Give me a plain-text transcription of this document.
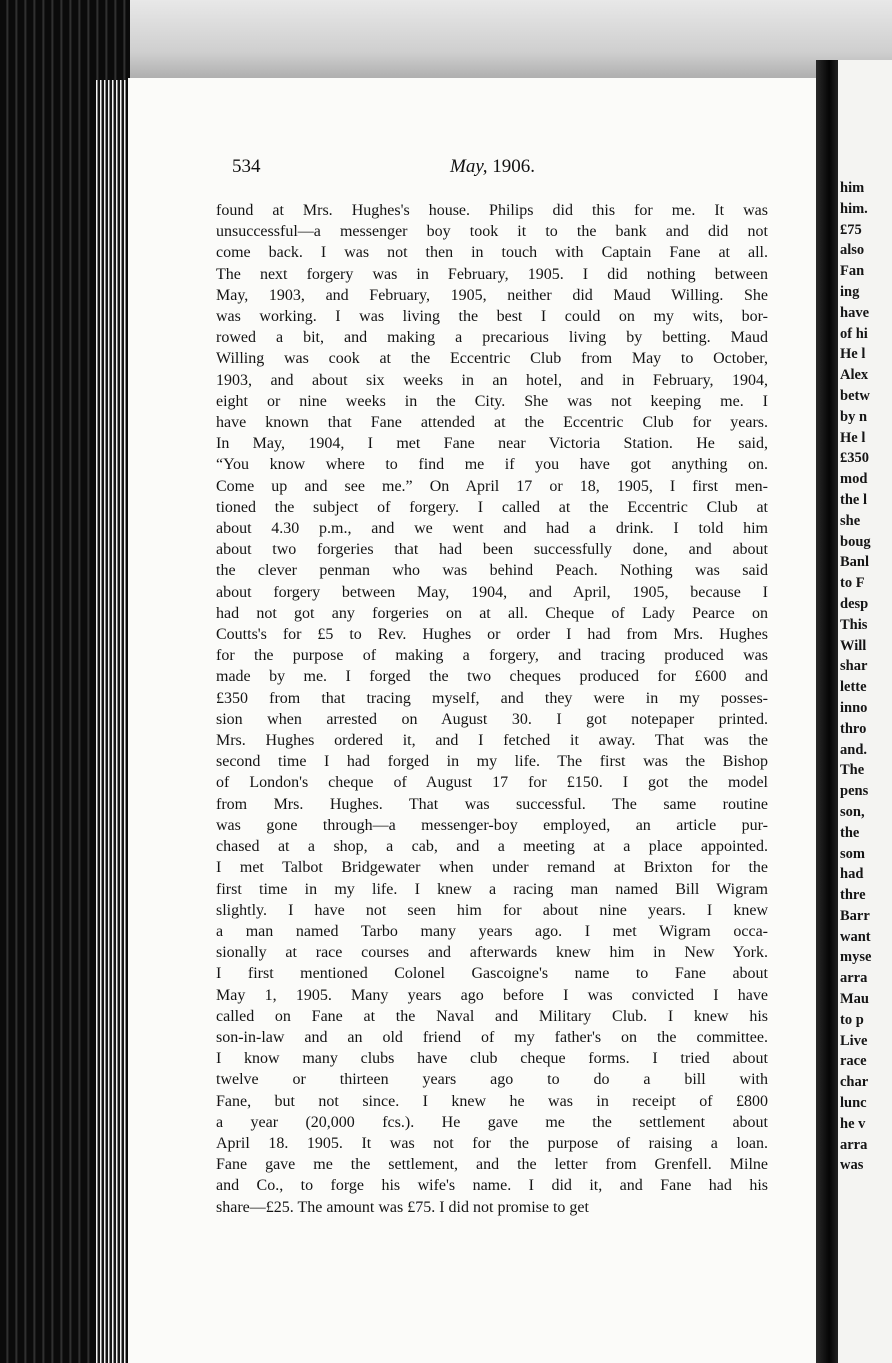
him
him.
£75
also
Fan
ing
have
of hi
He l
Alex
betw
by n
He l
£350
mod
the l
she
boug
Banl
to F
desp
This
Will
shar
lette
inno
thro
and.
The
pens
son,
the
som
had
thre
Barr
want
myse
arra
Mau
to p
Live
race
char
lunc
he v
arra
was
534	May, 1906.
found at Mrs. Hughes's house. Philips did this for me. It was
unsuccessful—a messenger boy took it to the bank and did not
come back. I was not then in touch with Captain Fane at all.
The next forgery was in February, 1905. I did nothing between
May, 1903, and February, 1905, neither did Maud Willing. She
was working. I was living the best I could on my wits, bor-
rowed a bit, and making a precarious living by betting. Maud
Willing was cook at the Eccentric Club from May to October,
1903, and about six weeks in an hotel, and in February, 1904,
eight or nine weeks in the City. She was not keeping me. I
have known that Fane attended at the Eccentric Club for years.
In May, 1904, I met Fane near Victoria Station. He said,
“You know where to find me if you have got anything on.
Come up and see me.” On April 17 or 18, 1905, I first men-
tioned the subject of forgery. I called at the Eccentric Club at
about 4.30 p.m., and we went and had a drink. I told him
about two forgeries that had been successfully done, and about
the clever penman who was behind Peach. Nothing was said
about forgery between May, 1904, and April, 1905, because I
had not got any forgeries on at all. Cheque of Lady Pearce on
Coutts's for £5 to Rev. Hughes or order I had from Mrs. Hughes
for the purpose of making a forgery, and tracing produced was
made by me. I forged the two cheques produced for £600 and
£350 from that tracing myself, and they were in my posses-
sion when arrested on August 30. I got notepaper printed.
Mrs. Hughes ordered it, and I fetched it away. That was the
second time I had forged in my life. The first was the Bishop
of London's cheque of August 17 for £150. I got the model
from Mrs. Hughes. That was successful. The same routine
was gone through—a messenger-boy employed, an article pur-
chased at a shop, a cab, and a meeting at a place appointed.
I met Talbot Bridgewater when under remand at Brixton for the
first time in my life. I knew a racing man named Bill Wigram
slightly. I have not seen him for about nine years. I knew
a man named Tarbo many years ago. I met Wigram occa-
sionally at race courses and afterwards knew him in New York.
I first mentioned Colonel Gascoigne's name to Fane about
May 1, 1905. Many years ago before I was convicted I have
called on Fane at the Naval and Military Club. I knew his
son-in-law and an old friend of my father's on the committee.
I know many clubs have club cheque forms. I tried about
twelve or thirteen years ago to do a bill with
Fane, but not since. I knew he was in receipt of £800
a year (20,000 fcs.). He gave me the settlement about
April 18. 1905. It was not for the purpose of raising a loan.
Fane gave me the settlement, and the letter from Grenfell. Milne
and Co., to forge his wife's name. I did it, and Fane had his
share—£25. The amount was £75. I did not promise to get
